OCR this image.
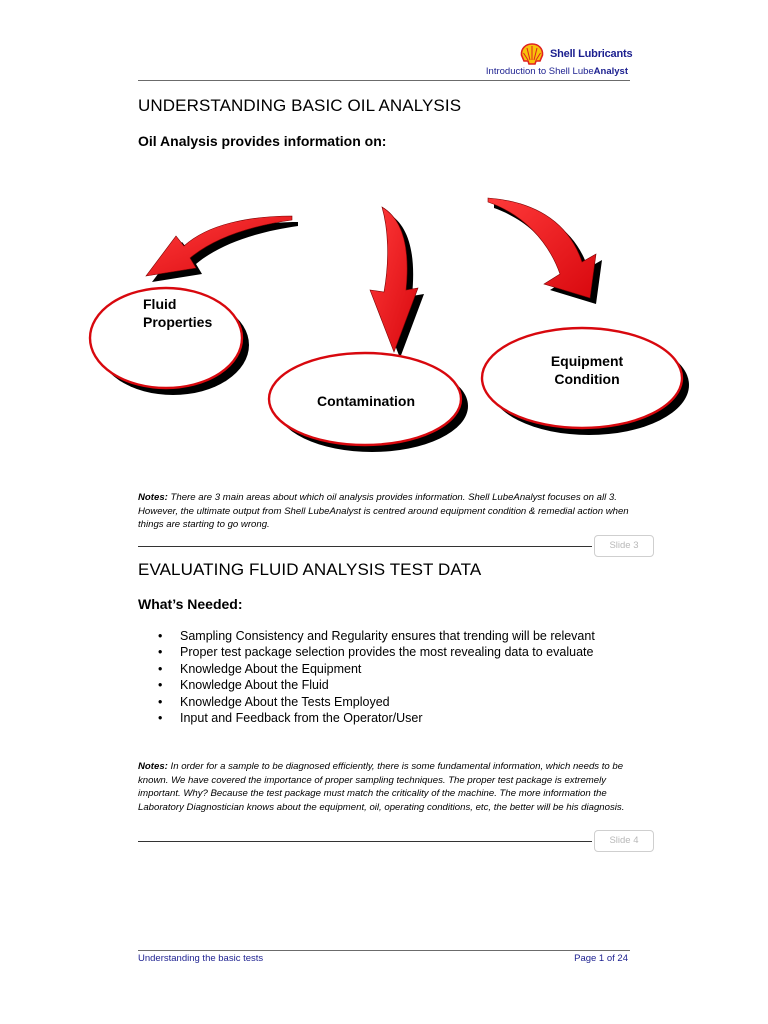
Shell Lubricants
Introduction to Shell LubeAnalyst
UNDERSTANDING BASIC OIL ANALYSIS
Oil Analysis provides information on:
Fluid
Properties
Contamination
Equipment
Condition
Notes: There are 3 main areas about which oil analysis provides information. Shell LubeAnalyst focuses on all 3. However, the ultimate output from Shell LubeAnalyst is centred around equipment condition & remedial action when things are starting to go wrong.
Slide 3
EVALUATING FLUID ANALYSIS TEST DATA
What’s Needed:
• Sampling Consistency and Regularity ensures that trending will be relevant
• Proper test package selection provides the most revealing data to evaluate
• Knowledge About the Equipment
• Knowledge About the Fluid
• Knowledge About the Tests Employed
• Input and Feedback from the Operator/User
Notes: In order for a sample to be diagnosed efficiently, there is some fundamental information, which needs to be known. We have covered the importance of proper sampling techniques. The proper test package is extremely important. Why? Because the test package must match the criticality of the machine. The more information the Laboratory Diagnostician knows about the equipment, oil, operating conditions, etc, the better will be his diagnosis.
Slide 4
Understanding the basic tests	Page 1 of 24
